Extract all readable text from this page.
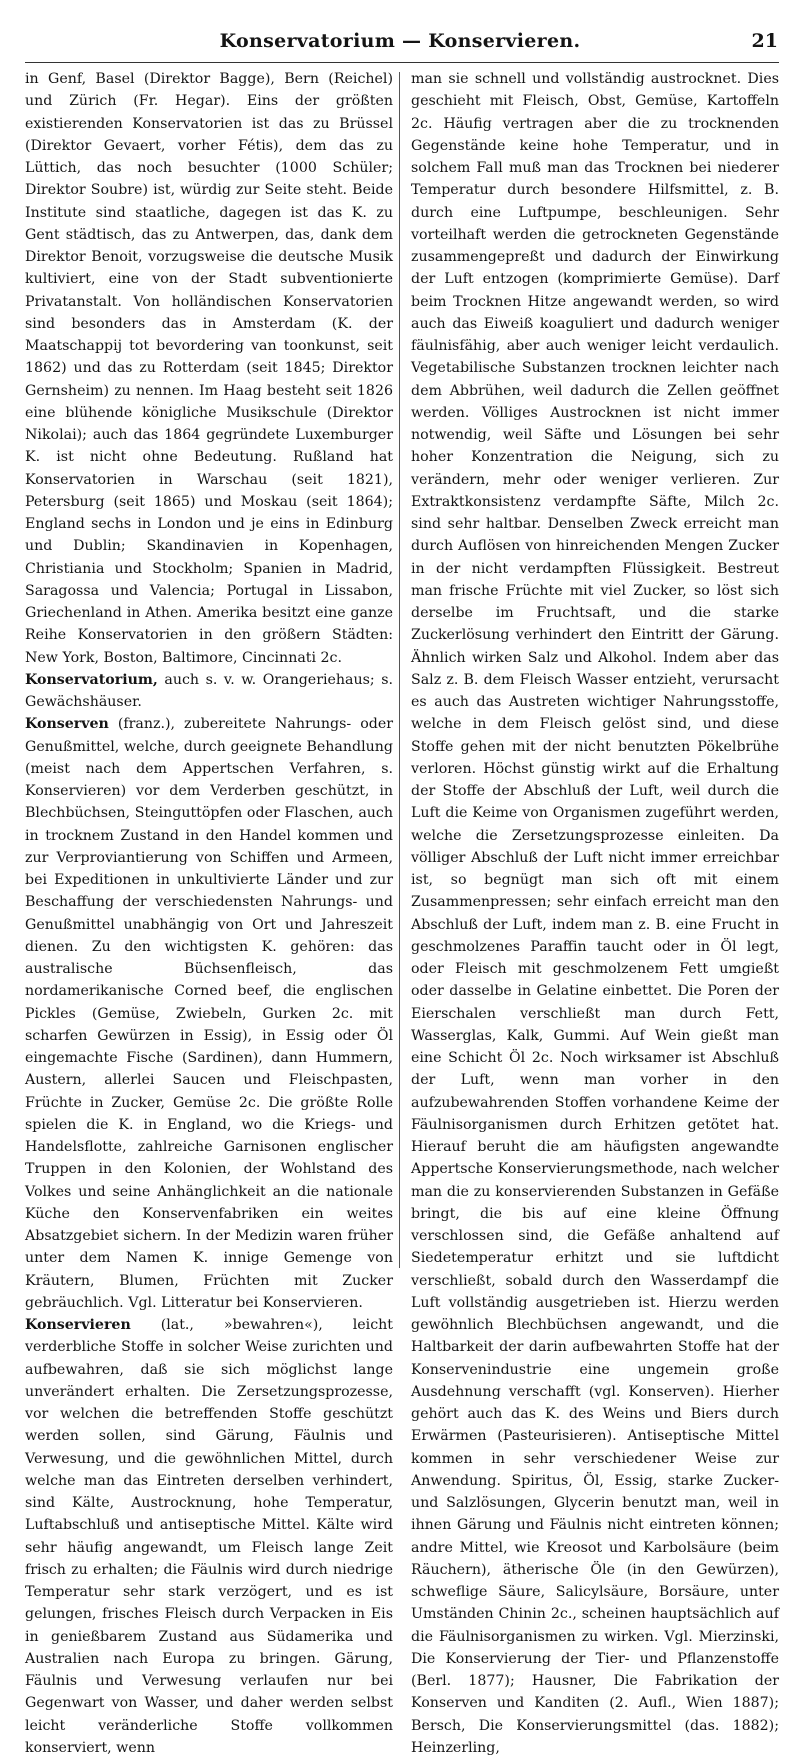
Konservatorium — Konservieren.	21

in Genf, Basel (Direktor Bagge), Bern (Reichel) und Zürich (Fr. Hegar). Eins der größten existierenden Konservatorien ist das zu Brüssel (Direktor Gevaert, vorher Fétis), dem das zu Lüttich, das noch besuchter (1000 Schüler; Direktor Soubre) ist, würdig zur Seite steht. Beide Institute sind staatliche, dagegen ist das K. zu Gent städtisch, das zu Antwerpen, das, dank dem Direktor Benoit, vorzugsweise die deutsche Musik kultiviert, eine von der Stadt subventionierte Privatanstalt. Von holländischen Konservatorien sind besonders das in Amsterdam (K. der Maatschappij tot bevordering van toonkunst, seit 1862) und das zu Rotterdam (seit 1845; Direktor Gernsheim) zu nennen. Im Haag besteht seit 1826 eine blühende königliche Musikschule (Direktor Nikolai); auch das 1864 gegründete Luxemburger K. ist nicht ohne Bedeutung. Rußland hat Konservatorien in Warschau (seit 1821), Petersburg (seit 1865) und Moskau (seit 1864); England sechs in London und je eins in Edinburg und Dublin; Skandinavien in Kopenhagen, Christiania und Stockholm; Spanien in Madrid, Saragossa und Valencia; Portugal in Lissabon, Griechenland in Athen. Amerika besitzt eine ganze Reihe Konservatorien in den größern Städten: New York, Boston, Baltimore, Cincinnati 2c.

Konservatorium, auch s. v. w. Orangeriehaus; s. Gewächshäuser.

Konserven (franz.), zubereitete Nahrungs- oder Genußmittel, welche, durch geeignete Behandlung (meist nach dem Appertschen Verfahren, s. Konservieren) vor dem Verderben geschützt, in Blechbüchsen, Steinguttöpfen oder Flaschen, auch in trocknem Zustand in den Handel kommen und zur Verproviantierung von Schiffen und Armeen, bei Expeditionen in unkultivierte Länder und zur Beschaffung der verschiedensten Nahrungs- und Genußmittel unabhängig von Ort und Jahreszeit dienen. Zu den wichtigsten K. gehören: das australische Büchsenfleisch, das nordamerikanische Corned beef, die englischen Pickles (Gemüse, Zwiebeln, Gurken 2c. mit scharfen Gewürzen in Essig), in Essig oder Öl eingemachte Fische (Sardinen), dann Hummern, Austern, allerlei Saucen und Fleischpasten, Früchte in Zucker, Gemüse 2c. Die größte Rolle spielen die K. in England, wo die Kriegs- und Handelsflotte, zahlreiche Garnisonen englischer Truppen in den Kolonien, der Wohlstand des Volkes und seine Anhänglichkeit an die nationale Küche den Konservenfabriken ein weites Absatzgebiet sichern. In der Medizin waren früher unter dem Namen K. innige Gemenge von Kräutern, Blumen, Früchten mit Zucker gebräuchlich. Vgl. Litteratur bei Konservieren.

Konservieren (lat., »bewahren«), leicht verderbliche Stoffe in solcher Weise zurichten und aufbewahren, daß sie sich möglichst lange unverändert erhalten. Die Zersetzungsprozesse, vor welchen die betreffenden Stoffe geschützt werden sollen, sind Gärung, Fäulnis und Verwesung, und die gewöhnlichen Mittel, durch welche man das Eintreten derselben verhindert, sind Kälte, Austrocknung, hohe Temperatur, Luftabschluß und antiseptische Mittel. Kälte wird sehr häufig angewandt, um Fleisch lange Zeit frisch zu erhalten; die Fäulnis wird durch niedrige Temperatur sehr stark verzögert, und es ist gelungen, frisches Fleisch durch Verpacken in Eis in genießbarem Zustand aus Südamerika und Australien nach Europa zu bringen. Gärung, Fäulnis und Verwesung verlaufen nur bei Gegenwart von Wasser, und daher werden selbst leicht veränderliche Stoffe vollkommen konserviert, wenn

man sie schnell und vollständig austrocknet. Dies geschieht mit Fleisch, Obst, Gemüse, Kartoffeln 2c. Häufig vertragen aber die zu trocknenden Gegenstände keine hohe Temperatur, und in solchem Fall muß man das Trocknen bei niederer Temperatur durch besondere Hilfsmittel, z. B. durch eine Luftpumpe, beschleunigen. Sehr vorteilhaft werden die getrockneten Gegenstände zusammengepreßt und dadurch der Einwirkung der Luft entzogen (komprimierte Gemüse). Darf beim Trocknen Hitze angewandt werden, so wird auch das Eiweiß koaguliert und dadurch weniger fäulnisfähig, aber auch weniger leicht verdaulich. Vegetabilische Substanzen trocknen leichter nach dem Abbrühen, weil dadurch die Zellen geöffnet werden. Völliges Austrocknen ist nicht immer notwendig, weil Säfte und Lösungen bei sehr hoher Konzentration die Neigung, sich zu verändern, mehr oder weniger verlieren. Zur Extraktkonsistenz verdampfte Säfte, Milch 2c. sind sehr haltbar. Denselben Zweck erreicht man durch Auflösen von hinreichenden Mengen Zucker in der nicht verdampften Flüssigkeit. Bestreut man frische Früchte mit viel Zucker, so löst sich derselbe im Fruchtsaft, und die starke Zuckerlösung verhindert den Eintritt der Gärung. Ähnlich wirken Salz und Alkohol. Indem aber das Salz z. B. dem Fleisch Wasser entzieht, verursacht es auch das Austreten wichtiger Nahrungsstoffe, welche in dem Fleisch gelöst sind, und diese Stoffe gehen mit der nicht benutzten Pökelbrühe verloren. Höchst günstig wirkt auf die Erhaltung der Stoffe der Abschluß der Luft, weil durch die Luft die Keime von Organismen zugeführt werden, welche die Zersetzungsprozesse einleiten. Da völliger Abschluß der Luft nicht immer erreichbar ist, so begnügt man sich oft mit einem Zusammenpressen; sehr einfach erreicht man den Abschluß der Luft, indem man z. B. eine Frucht in geschmolzenes Paraffin taucht oder in Öl legt, oder Fleisch mit geschmolzenem Fett umgießt oder dasselbe in Gelatine einbettet. Die Poren der Eierschalen verschließt man durch Fett, Wasserglas, Kalk, Gummi. Auf Wein gießt man eine Schicht Öl 2c. Noch wirksamer ist Abschluß der Luft, wenn man vorher in den aufzubewahrenden Stoffen vorhandene Keime der Fäulnisorganismen durch Erhitzen getötet hat. Hierauf beruht die am häufigsten angewandte Appertsche Konservierungsmethode, nach welcher man die zu konservierenden Substanzen in Gefäße bringt, die bis auf eine kleine Öffnung verschlossen sind, die Gefäße anhaltend auf Siedetemperatur erhitzt und sie luftdicht verschließt, sobald durch den Wasserdampf die Luft vollständig ausgetrieben ist. Hierzu werden gewöhnlich Blechbüchsen angewandt, und die Haltbarkeit der darin aufbewahrten Stoffe hat der Konservenindustrie eine ungemein große Ausdehnung verschafft (vgl. Konserven). Hierher gehört auch das K. des Weins und Biers durch Erwärmen (Pasteurisieren). Antiseptische Mittel kommen in sehr verschiedener Weise zur Anwendung. Spiritus, Öl, Essig, starke Zucker- und Salzlösungen, Glycerin benutzt man, weil in ihnen Gärung und Fäulnis nicht eintreten können; andre Mittel, wie Kreosot und Karbolsäure (beim Räuchern), ätherische Öle (in den Gewürzen), schweflige Säure, Salicylsäure, Borsäure, unter Umständen Chinin 2c., scheinen hauptsächlich auf die Fäulnisorganismen zu wirken. Vgl. Mierzinski, Die Konservierung der Tier- und Pflanzenstoffe (Berl. 1877); Hausner, Die Fabrikation der Konserven und Kanditen (2. Aufl., Wien 1887); Bersch, Die Konservierungsmittel (das. 1882); Heinzerling,
